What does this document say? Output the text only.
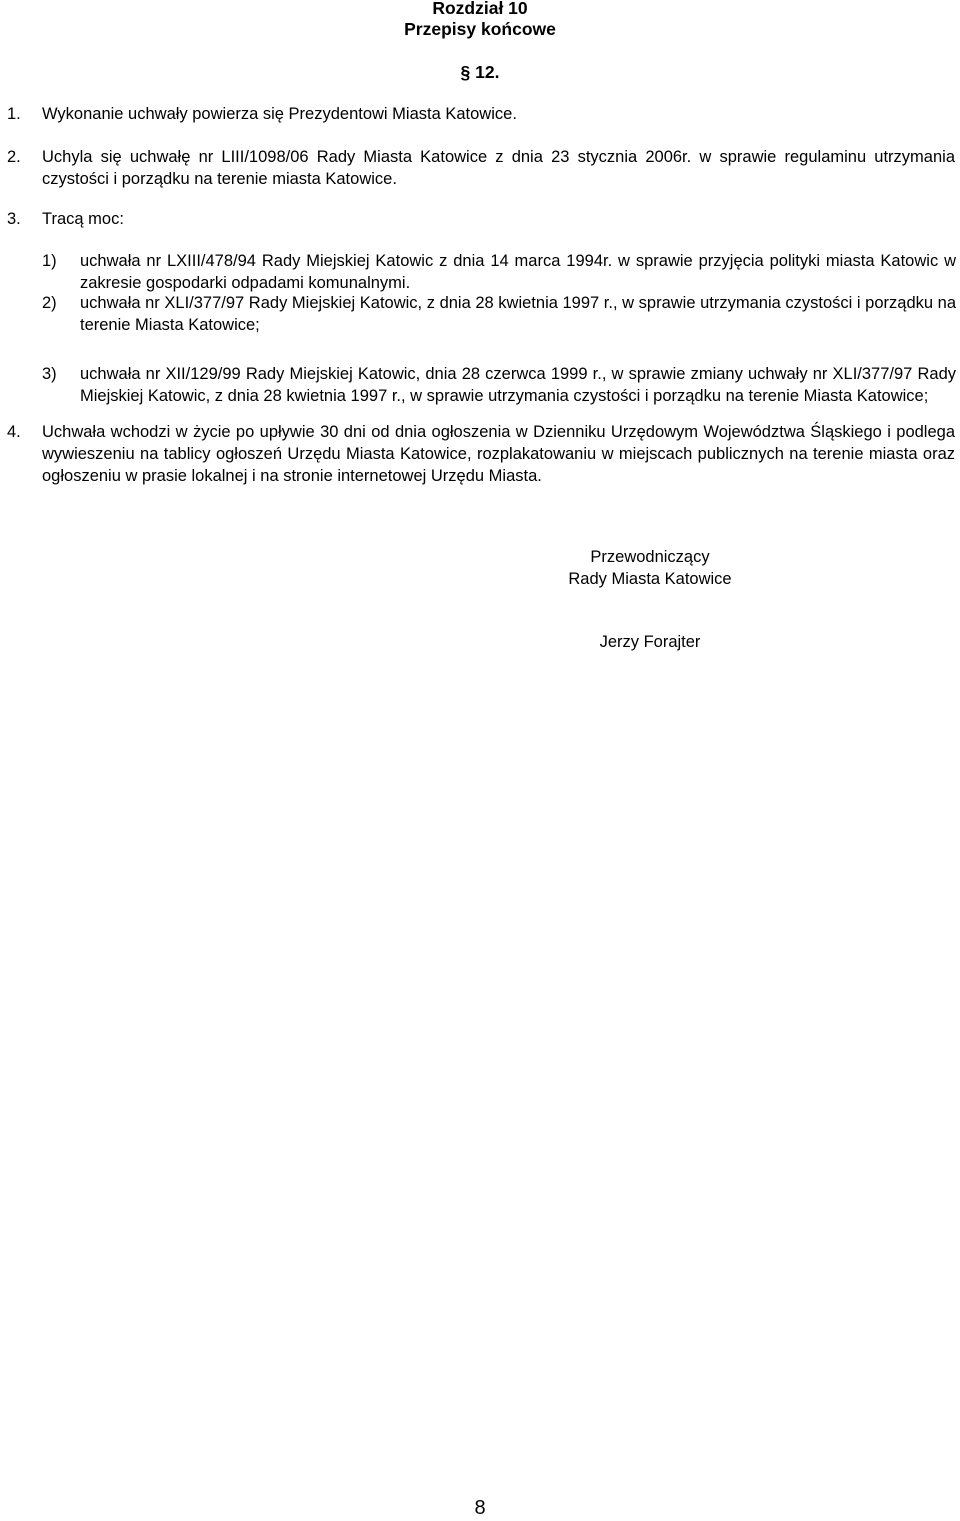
Rozdział 10
Przepisy końcowe
§ 12.
1. Wykonanie uchwały powierza się Prezydentowi Miasta Katowice.
2. Uchyla się uchwałę nr LIII/1098/06 Rady Miasta Katowice z dnia 23 stycznia 2006r. w sprawie regulaminu utrzymania czystości i porządku na terenie miasta Katowice.
3. Tracą moc:
1) uchwała nr LXIII/478/94 Rady Miejskiej Katowic z dnia 14 marca 1994r. w sprawie przyjęcia polityki miasta Katowic w zakresie gospodarki odpadami komunalnymi.
2) uchwała nr XLI/377/97 Rady Miejskiej Katowic, z dnia 28 kwietnia 1997 r., w sprawie utrzymania czystości i porządku na terenie Miasta Katowice;
3) uchwała nr XII/129/99 Rady Miejskiej Katowic, dnia 28 czerwca 1999 r., w sprawie zmiany uchwały nr XLI/377/97 Rady Miejskiej Katowic, z dnia 28 kwietnia 1997 r., w sprawie utrzymania czystości i porządku na terenie Miasta Katowice;
4. Uchwała wchodzi w życie po upływie 30 dni od dnia ogłoszenia w Dzienniku Urzędowym Województwa Śląskiego i podlega wywieszeniu na tablicy ogłoszeń Urzędu Miasta Katowice, rozplakatowaniu w miejscach publicznych na terenie miasta oraz ogłoszeniu w prasie lokalnej i na stronie internetowej Urzędu Miasta.
Przewodniczący
Rady Miasta Katowice
Jerzy Forajter
8
